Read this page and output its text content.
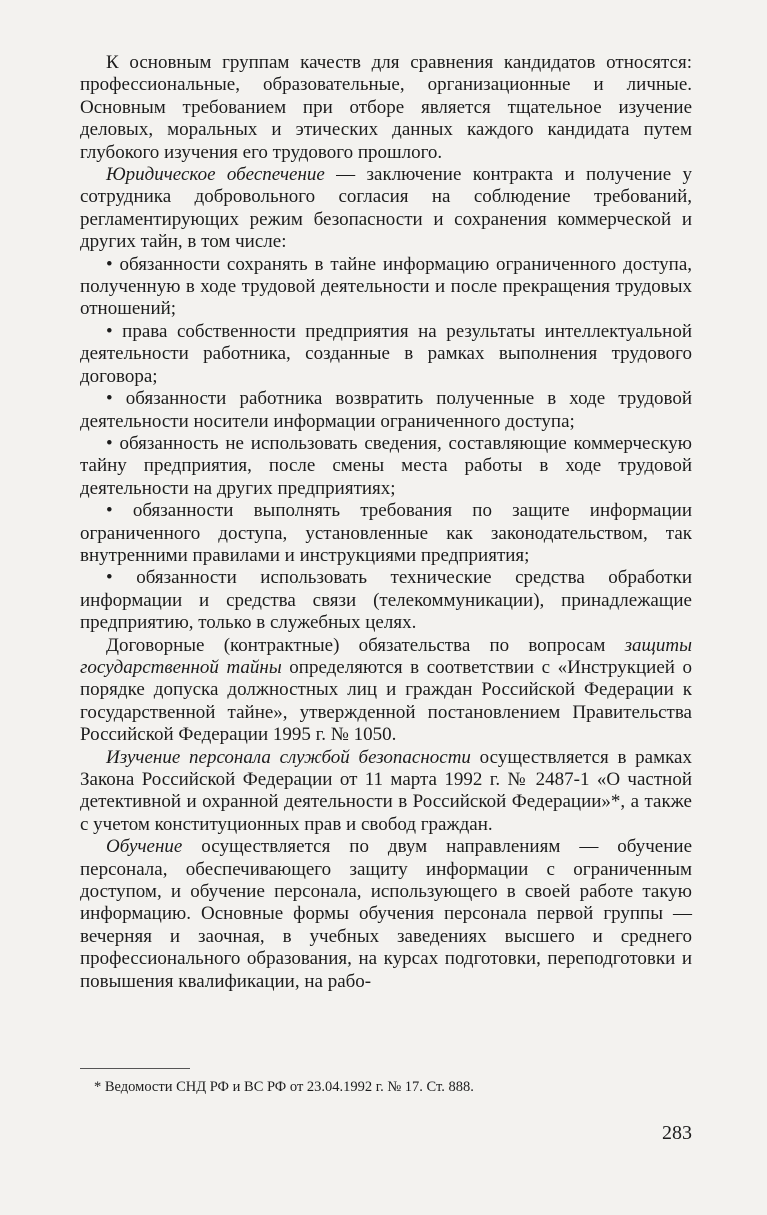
К основным группам качеств для сравнения кандидатов относятся: профессиональные, образовательные, организационные и личные. Основным требованием при отборе является тщательное изучение деловых, моральных и этических данных каждого кандидата путем глубокого изучения его трудового прошлого.

Юридическое обеспечение — заключение контракта и получение у сотрудника добровольного согласия на соблюдение требований, регламентирующих режим безопасности и сохранения коммерческой и других тайн, в том числе:

• обязанности сохранять в тайне информацию ограниченного доступа, полученную в ходе трудовой деятельности и после прекращения трудовых отношений;

• права собственности предприятия на результаты интеллектуальной деятельности работника, созданные в рамках выполнения трудового договора;

• обязанности работника возвратить полученные в ходе трудовой деятельности носители информации ограниченного доступа;

• обязанность не использовать сведения, составляющие коммерческую тайну предприятия, после смены места работы в ходе трудовой деятельности на других предприятиях;

• обязанности выполнять требования по защите информации ограниченного доступа, установленные как законодательством, так внутренними правилами и инструкциями предприятия;

• обязанности использовать технические средства обработки информации и средства связи (телекоммуникации), принадлежащие предприятию, только в служебных целях.

Договорные (контрактные) обязательства по вопросам защиты государственной тайны определяются в соответствии с «Инструкцией о порядке допуска должностных лиц и граждан Российской Федерации к государственной тайне», утвержденной постановлением Правительства Российской Федерации 1995 г. № 1050.

Изучение персонала службой безопасности осуществляется в рамках Закона Российской Федерации от 11 марта 1992 г. № 2487-1 «О частной детективной и охранной деятельности в Российской Федерации»*, а также с учетом конституционных прав и свобод граждан.

Обучение осуществляется по двум направлениям — обучение персонала, обеспечивающего защиту информации с ограниченным доступом, и обучение персонала, использующего в своей работе такую информацию. Основные формы обучения персонала первой группы — вечерняя и заочная, в учебных заведениях высшего и среднего профессионального образования, на курсах подготовки, переподготовки и повышения квалификации, на рабо-

* Ведомости СНД РФ и ВС РФ от 23.04.1992 г. № 17. Ст. 888.
283
